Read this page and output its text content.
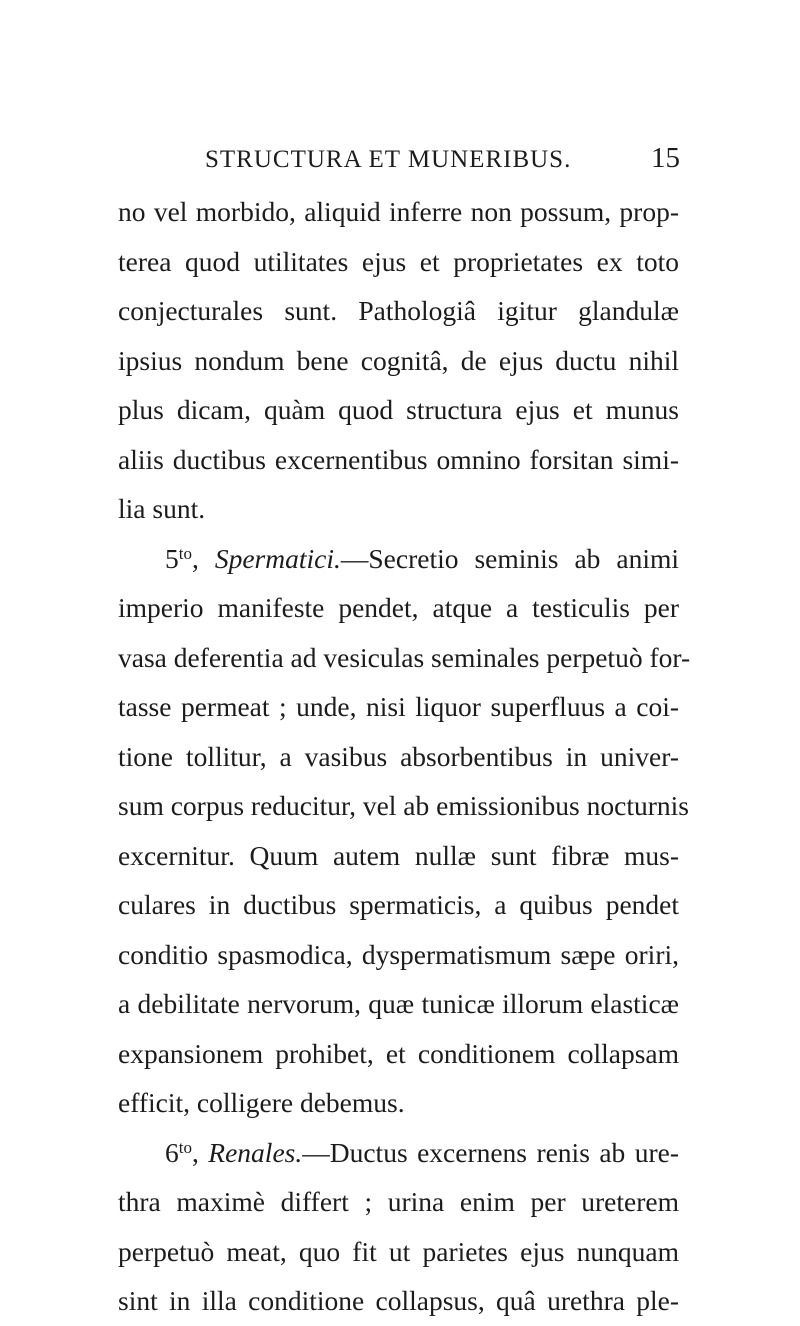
STRUCTURA ET MUNERIBUS.	15
no vel morbido, aliquid inferre non possum, prop-
terea quod utilitates ejus et proprietates ex toto
conjecturales sunt. Pathologiâ igitur glandulæ
ipsius nondum bene cognitâ, de ejus ductu nihil
plus dicam, quàm quod structura ejus et munus
aliis ductibus excernentibus omnino forsitan simi-
lia sunt.
$5^{to}$, Spermatici.—Secretio seminis ab animi
imperio manifeste pendet, atque a testiculis per
vasa deferentia ad vesiculas seminales perpetuò for-
tasse permeat ; unde, nisi liquor superfluus a coi-
tione tollitur, a vasibus absorbentibus in univer-
sum corpus reducitur, vel ab emissionibus nocturnis
excernitur. Quum autem nullæ sunt fibræ mus-
culares in ductibus spermaticis, a quibus pendet
conditio spasmodica, dyspermatismum sæpe oriri,
a debilitate nervorum, quæ tunicæ illorum elasticæ
expansionem prohibet, et conditionem collapsam
efficit, colligere debemus.
$6^{to}$, Renales.—Ductus excernens renis ab ure-
thra maximè differt ; urina enim per ureterem
perpetuò meat, quo fit ut parietes ejus nunquam
sint in illa conditione collapsus, quâ urethra ple-
